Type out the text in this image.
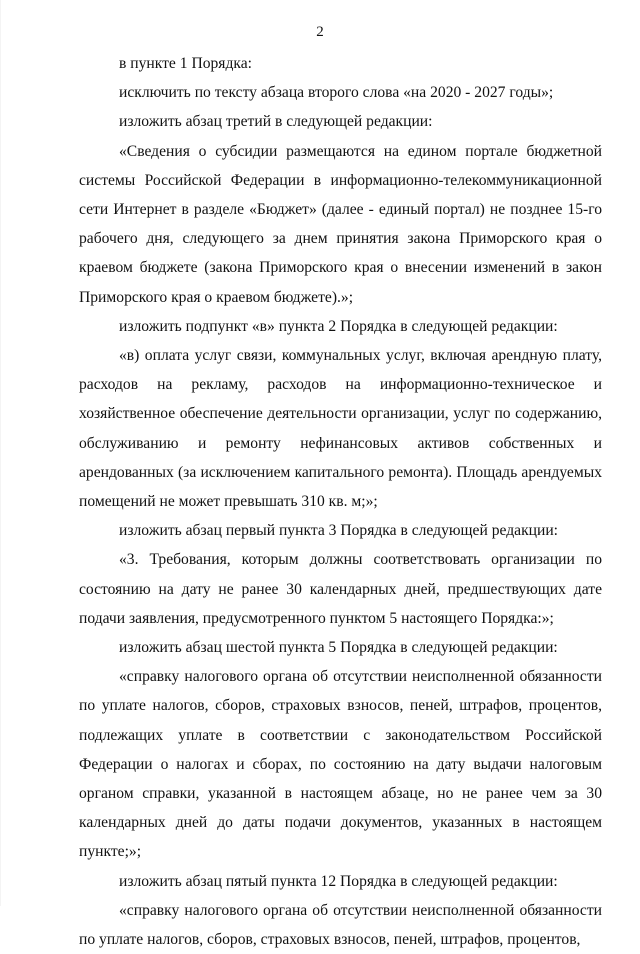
2

в пункте 1 Порядка:

исключить по тексту абзаца второго слова «на 2020 - 2027 годы»;

изложить абзац третий в следующей редакции:

«Сведения о субсидии размещаются на едином портале бюджетной системы Российской Федерации в информационно-телекоммуникационной сети Интернет в разделе «Бюджет» (далее - единый портал) не позднее 15-го рабочего дня, следующего за днем принятия закона Приморского края о краевом бюджете (закона Приморского края о внесении изменений в закон Приморского края о краевом бюджете).»;

изложить подпункт «в» пункта 2 Порядка в следующей редакции:

«в) оплата услуг связи, коммунальных услуг, включая арендную плату, расходов на рекламу, расходов на информационно-техническое и хозяйственное обеспечение деятельности организации, услуг по содержанию, обслуживанию и ремонту нефинансовых активов собственных и арендованных (за исключением капитального ремонта). Площадь арендуемых помещений не может превышать 310 кв. м;»;

изложить абзац первый пункта 3 Порядка в следующей редакции:

«3. Требования, которым должны соответствовать организации по состоянию на дату не ранее 30 календарных дней, предшествующих дате подачи заявления, предусмотренного пунктом 5 настоящего Порядка:»;

изложить абзац шестой пункта 5 Порядка в следующей редакции:

«справку налогового органа об отсутствии неисполненной обязанности по уплате налогов, сборов, страховых взносов, пеней, штрафов, процентов, подлежащих уплате в соответствии с законодательством Российской Федерации о налогах и сборах, по состоянию на дату выдачи налоговым органом справки, указанной в настоящем абзаце, но не ранее чем за 30 календарных дней до даты подачи документов, указанных в настоящем пункте;»;

изложить абзац пятый пункта 12 Порядка в следующей редакции:

«справку налогового органа об отсутствии неисполненной обязанности по уплате налогов, сборов, страховых взносов, пеней, штрафов, процентов,
